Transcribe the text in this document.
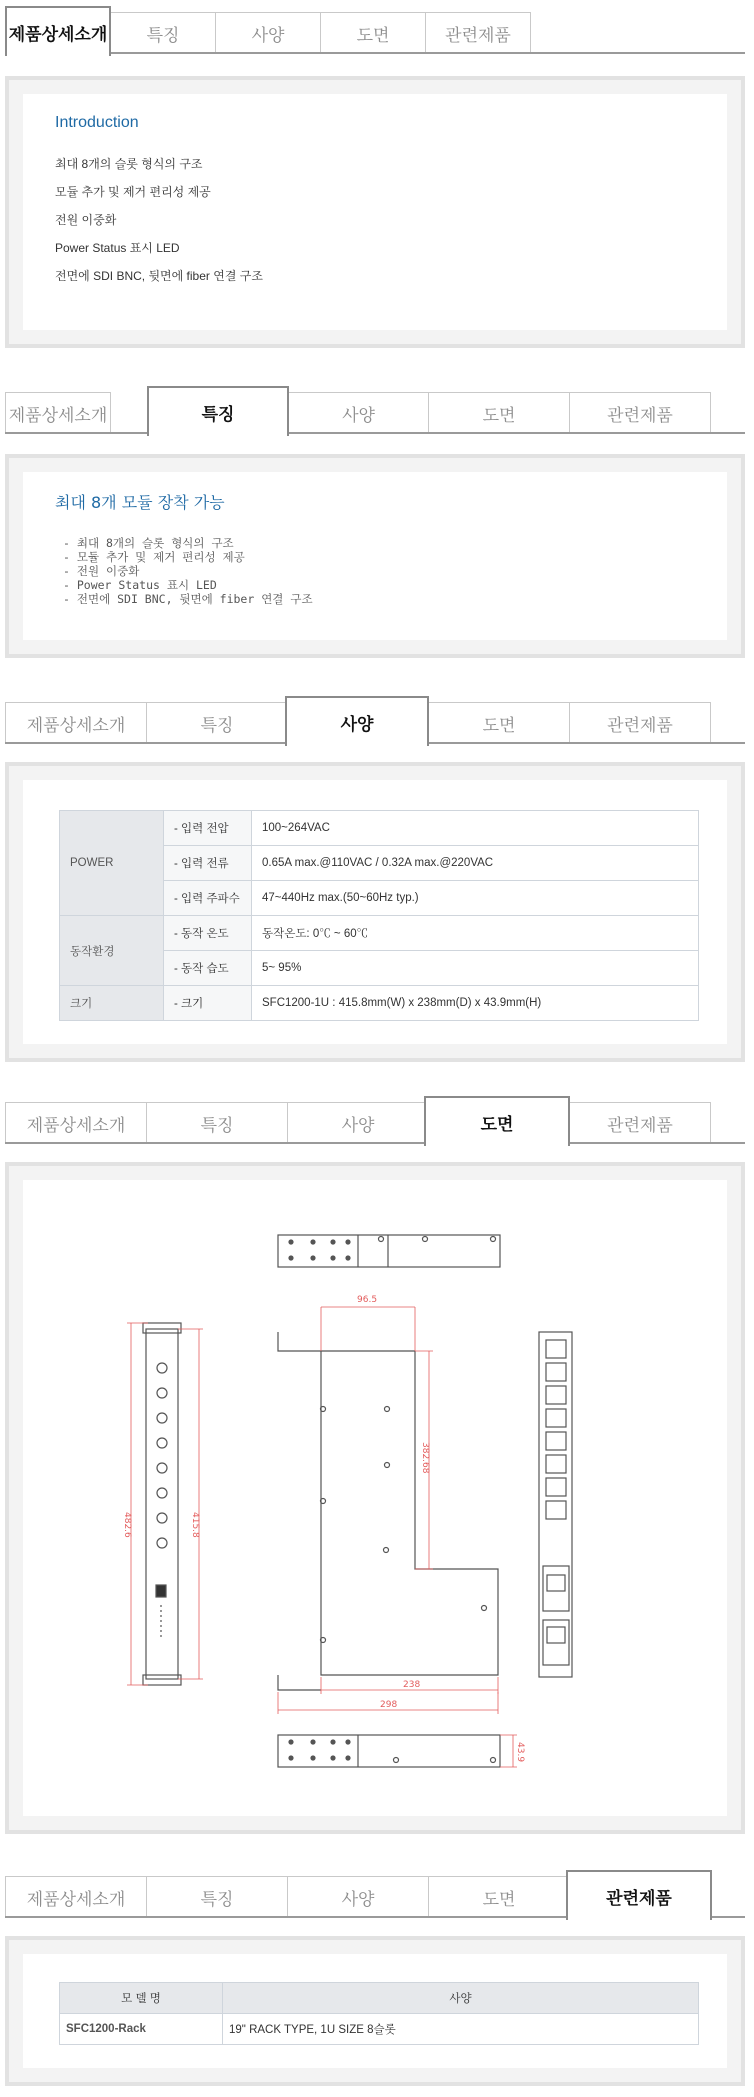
제품상세소개	특징	사양	도면	관련제품
Introduction
최대 8개의 슬롯 형식의 구조
모듈 추가 및 제거 편리성 제공
전원 이중화
Power Status 표시 LED
전면에 SDI BNC, 뒷면에 fiber 연결 구조
제품상세소개	특징	사양	도면	관련제품
최대 8개 모듈 장착 가능
- 최대 8개의 슬롯 형식의 구조
- 모듈 추가 및 제거 편리성 제공
- 전원 이중화
- Power Status 표시 LED
- 전면에 SDI BNC, 뒷면에 fiber 연결 구조
제품상세소개	특징	사양	도면	관련제품
POWER	- 입력 전압	100~264VAC
	- 입력 전류	0.65A max.@110VAC / 0.32A max.@220VAC
	- 입력 주파수	47~440Hz max.(50~60Hz typ.)
동작환경	- 동작 온도	동작온도: 0℃ ~ 60℃
	- 동작 습도	5~ 95%
크기	- 크기	SFC1200-1U : 415.8mm(W) x 238mm(D) x 43.9mm(H)
제품상세소개	특징	사양	도면	관련제품
482.6	415.8
96.5
382.68
238
298
43.9
제품상세소개	특징	사양	도면	관련제품
모 델 명	사양
SFC1200-Rack	19" RACK TYPE, 1U SIZE 8슬롯
